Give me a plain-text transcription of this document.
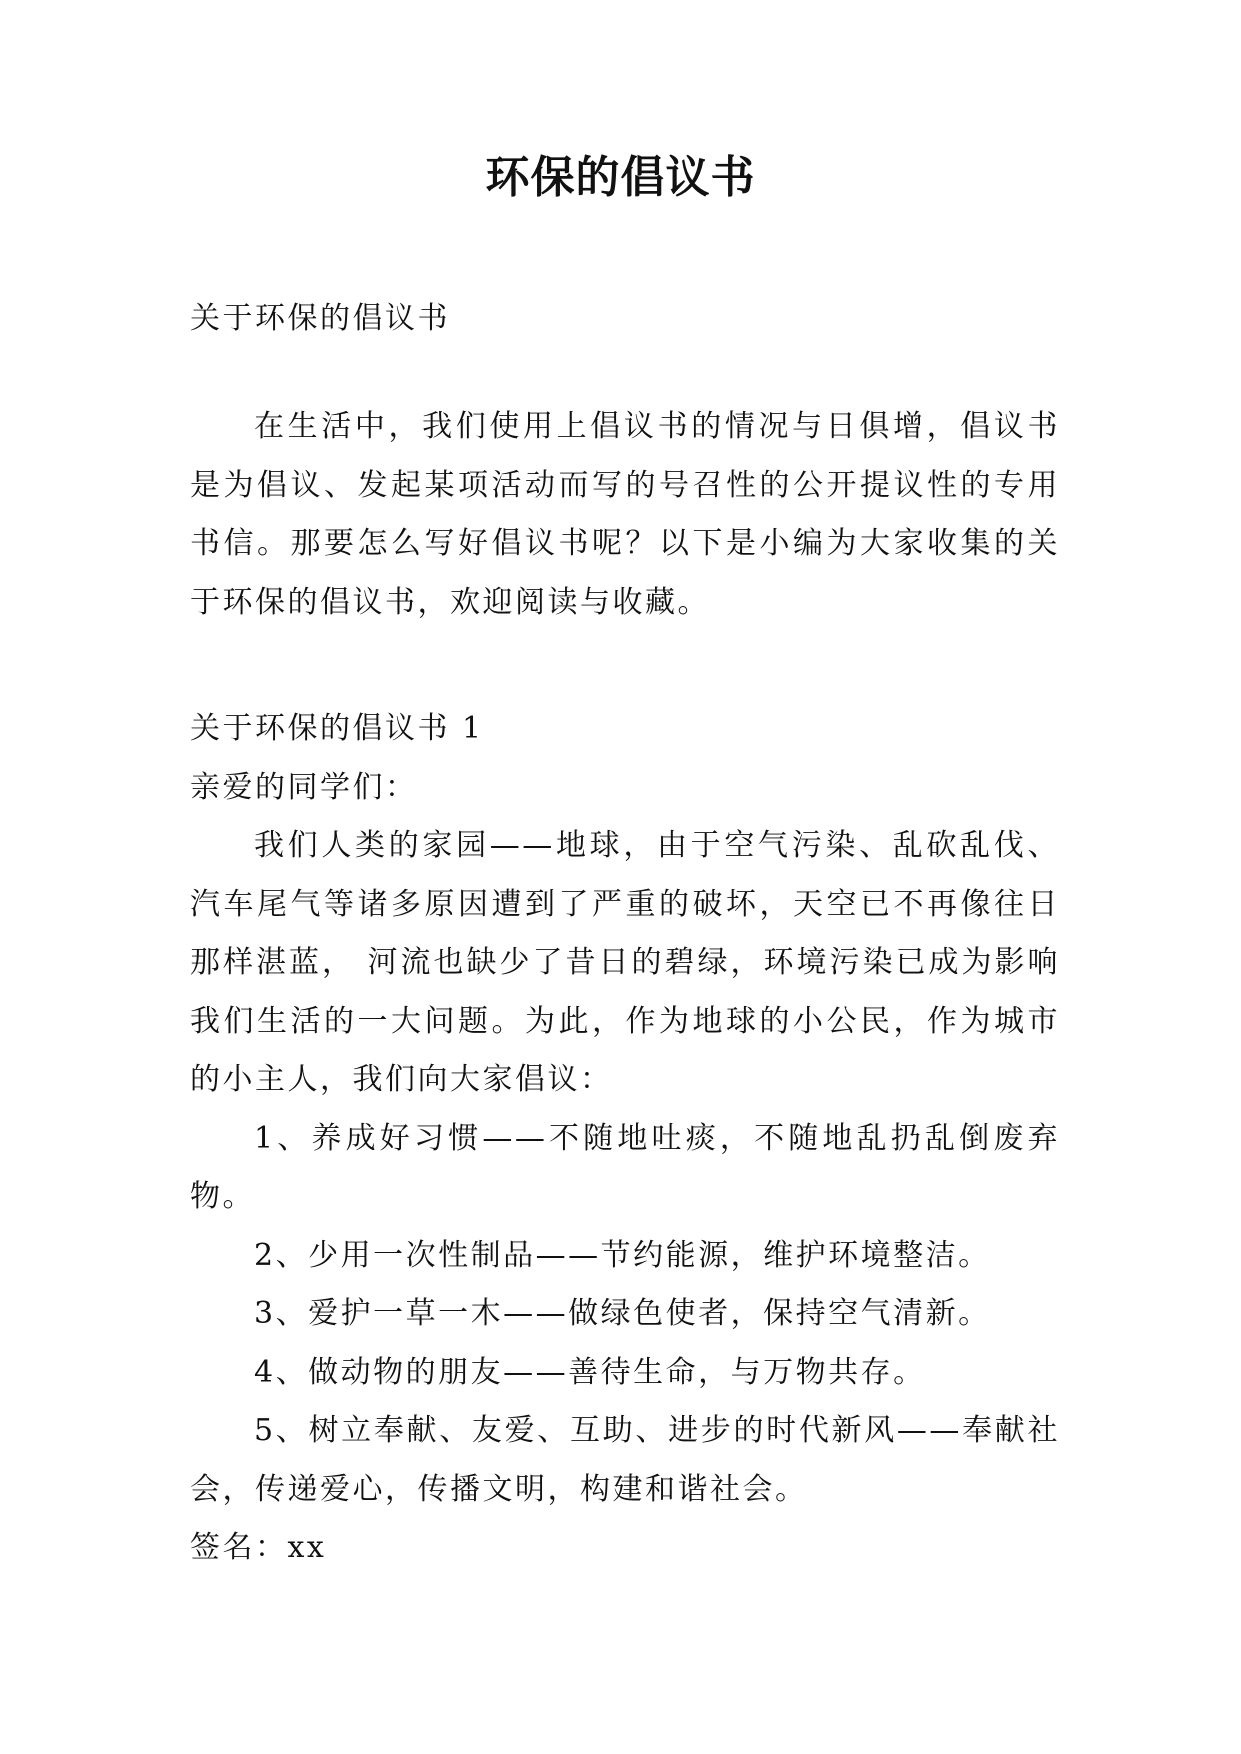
环保的倡议书
关于环保的倡议书
在生活中，我们使用上倡议书的情况与日俱增，倡议书是为倡议、发起某项活动而写的号召性的公开提议性的专用书信。那要怎么写好倡议书呢？以下是小编为大家收集的关于环保的倡议书，欢迎阅读与收藏。

关于环保的倡议书 1

亲爱的同学们：

我们人类的家园——地球，由于空气污染、乱砍乱伐、汽车尾气等诸多原因遭到了严重的破坏，天空已不再像往日那样湛蓝， 河流也缺少了昔日的碧绿，环境污染已成为影响我们生活的一大问题。为此，作为地球的小公民，作为城市的小主人，我们向大家倡议：

1、养成好习惯——不随地吐痰，不随地乱扔乱倒废弃物。

2、少用一次性制品——节约能源，维护环境整洁。

3、爱护一草一木——做绿色使者，保持空气清新。

4、做动物的朋友——善待生命，与万物共存。

5、树立奉献、友爱、互助、进步的时代新风——奉献社会，传递爱心，传播文明，构建和谐社会。

签名：xx
